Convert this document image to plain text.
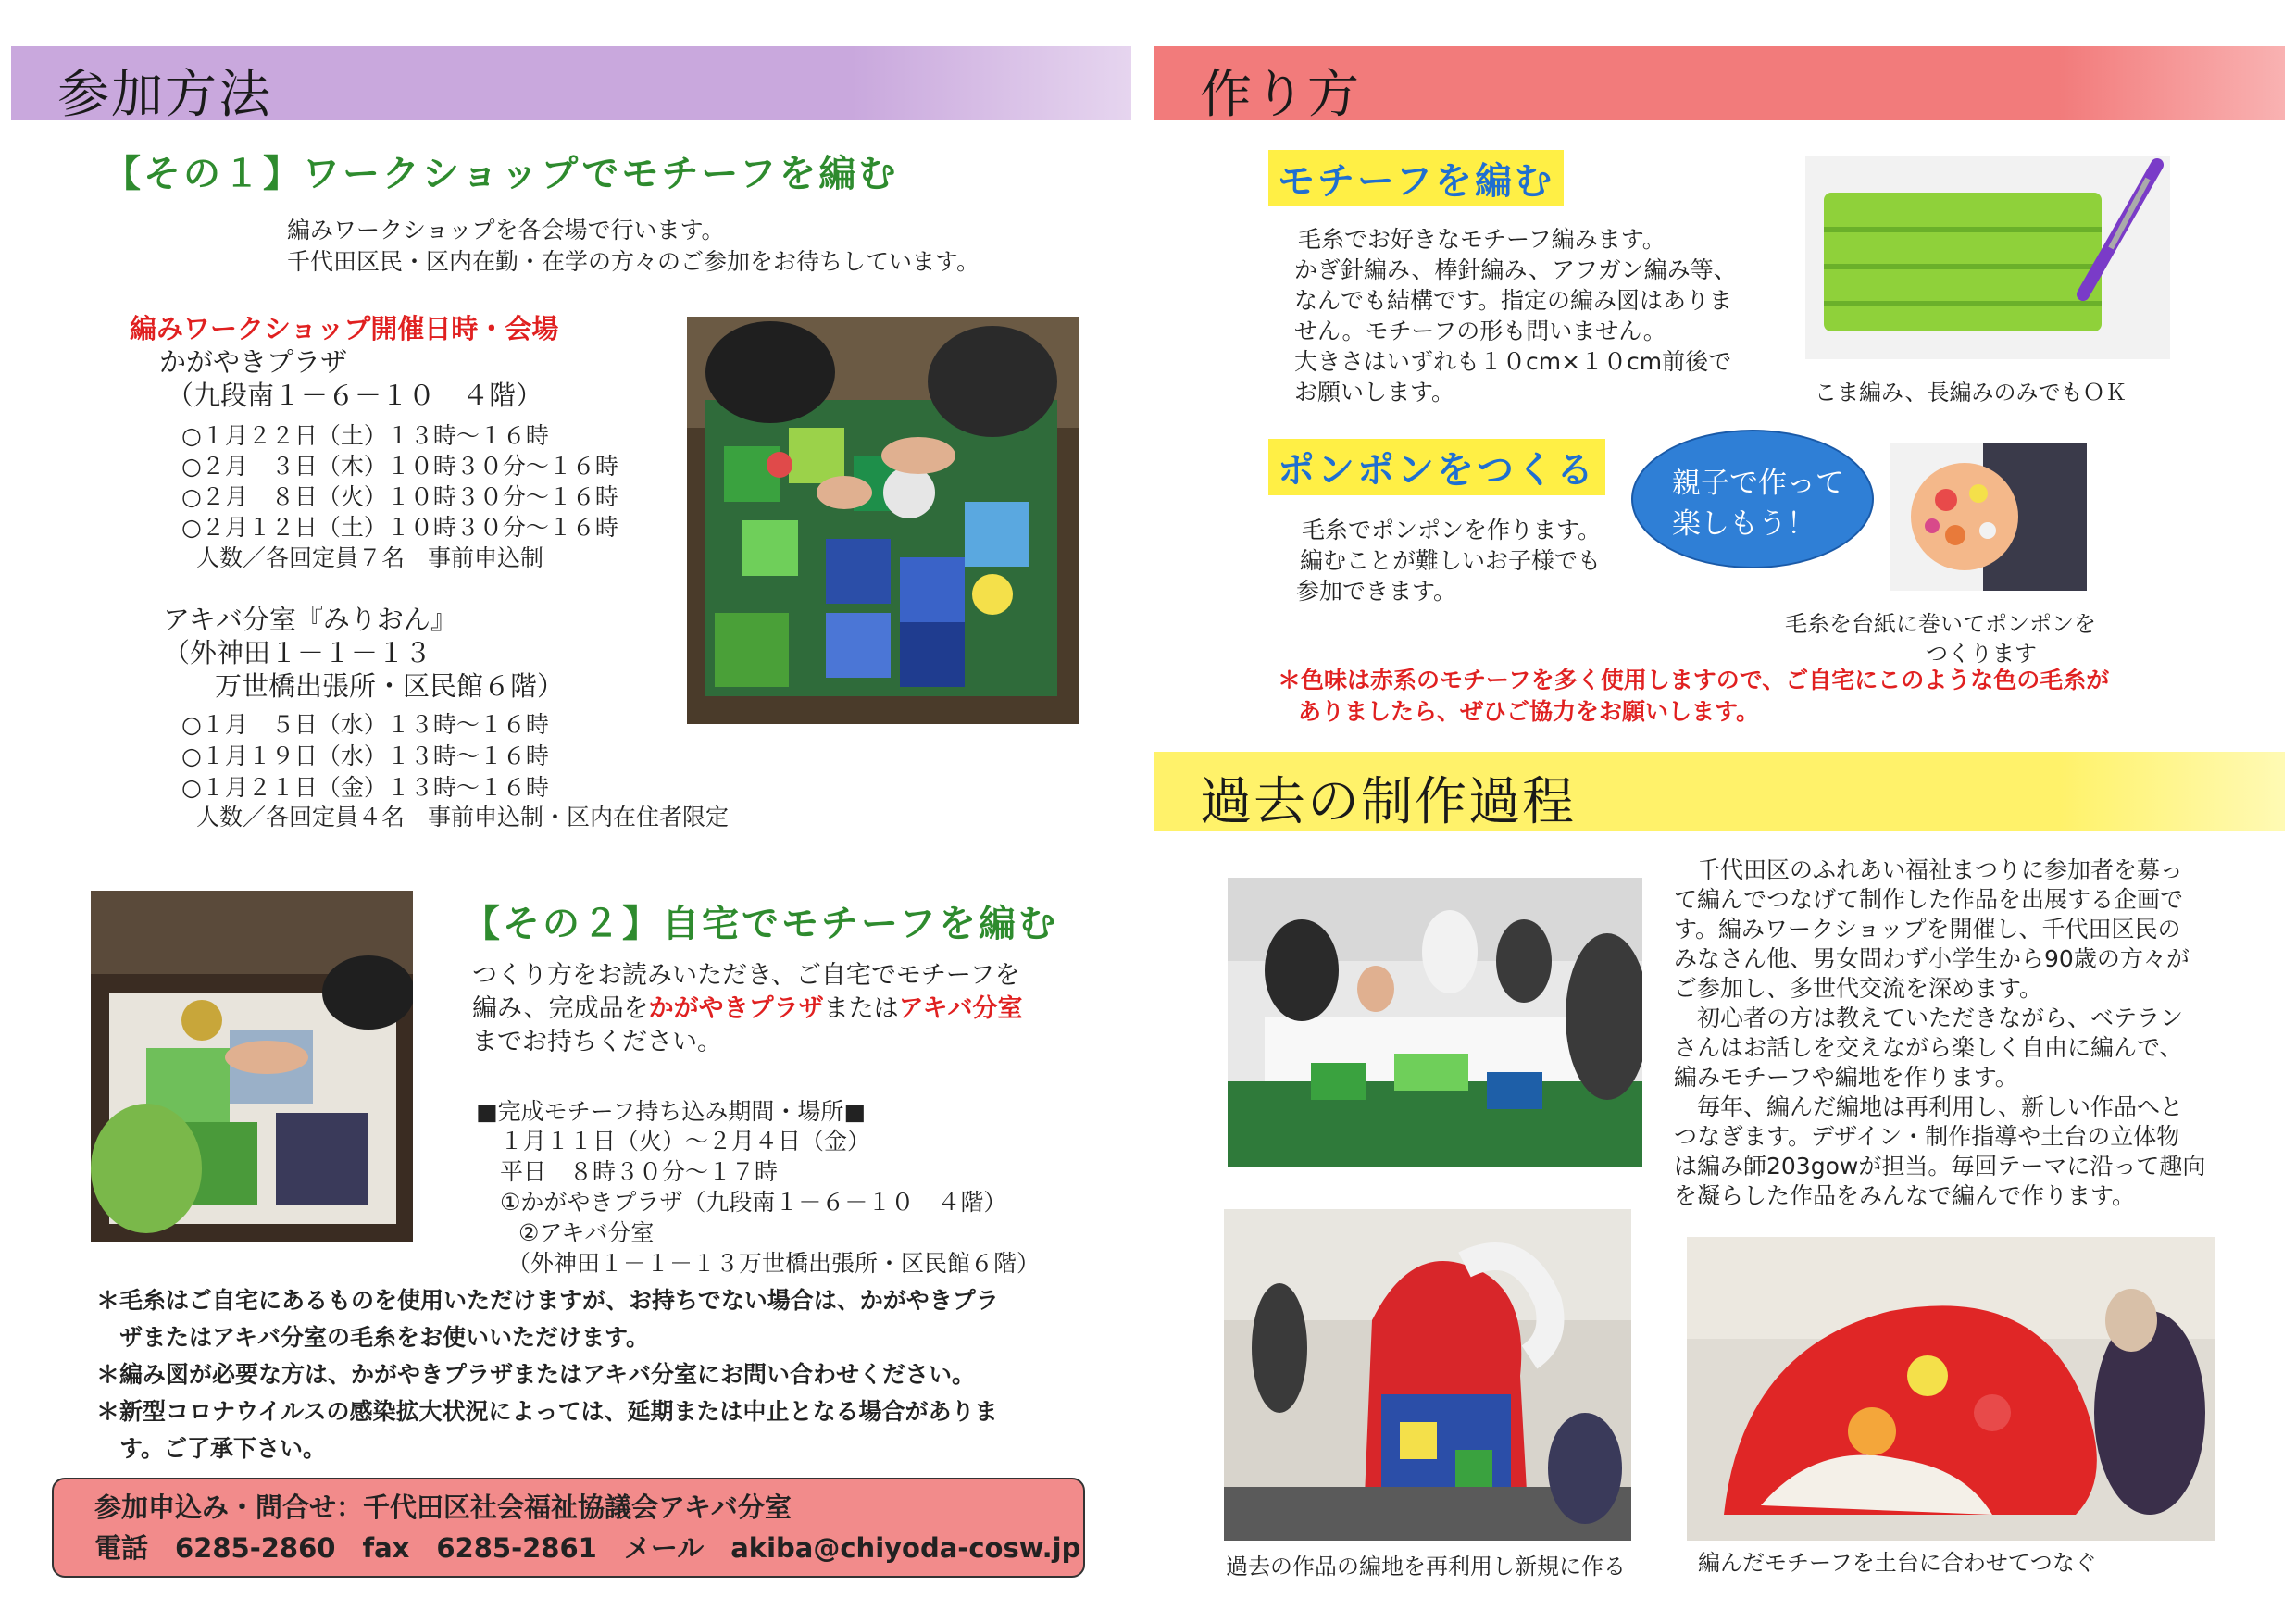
参加方法
【その１】ワークショップでモチーフを編む
編みワークショップを各会場で行います。
千代田区民・区内在勤・在学の方々のご参加をお待ちしています。
編みワークショップ開催日時・会場
かがやきプラザ
（九段南１－６－１０　４階）
○１月２２日（土）１３時～１６時
○２月　３日（木）１０時３０分～１６時
○２月　８日（火）１０時３０分～１６時
○２月１２日（土）１０時３０分～１６時
人数／各回定員７名　事前申込制
アキバ分室『みりおん』
（外神田１－１－１３
万世橋出張所・区民館６階）
○１月　５日（水）１３時～１６時
○１月１９日（水）１３時～１６時
○１月２１日（金）１３時～１６時
人数／各回定員４名　事前申込制・区内在住者限定
【その２】自宅でモチーフを編む
つくり方をお読みいただき、ご自宅でモチーフを
編み、完成品をかがやきプラザまたはアキバ分室
までお持ちください。
■完成モチーフ持ち込み期間・場所■
１月１１日（火）～２月４日（金）
平日　８時３０分～１７時
①かがやきプラザ（九段南１－６－１０　４階）
②アキバ分室
（外神田１－１－１３万世橋出張所・区民館６階）
＊毛糸はご自宅にあるものを使用いただけますが、お持ちでない場合は、かがやきプラ
　ザまたはアキバ分室の毛糸をお使いいただけます。
＊編み図が必要な方は、かがやきプラザまたはアキバ分室にお問い合わせください。
＊新型コロナウイルスの感染拡大状況によっては、延期または中止となる場合がありま
　す。ご了承下さい。
参加申込み・問合せ：千代田区社会福祉協議会アキバ分室
電話　6285-2860　fax　6285-2861　メール　akiba@chiyoda-cosw.jp
作り方
モチーフを編む
毛糸でお好きなモチーフ編みます。
かぎ針編み、棒針編み、アフガン編み等、
なんでも結構です。指定の編み図はありま
せん。モチーフの形も問いません。
大きさはいずれも１０cm×１０cm前後で
お願いします。	こま編み、長編みのみでもＯＫ
ポンポンをつくる
毛糸でポンポンを作ります。
編むことが難しいお子様でも
参加できます。
親子で作って
楽しもう！
毛糸を台紙に巻いてポンポンを
つくります
＊色味は赤系のモチーフを多く使用しますので、ご自宅にこのような色の毛糸が
ありましたら、ぜひご協力をお願いします。
過去の制作過程
　千代田区のふれあい福祉まつりに参加者を募っ
て編んでつなげて制作した作品を出展する企画で
す。編みワークショップを開催し、千代田区民の
みなさん他、男女問わず小学生から90歳の方々が
ご参加し、多世代交流を深めます。
　初心者の方は教えていただきながら、ベテラン
さんはお話しを交えながら楽しく自由に編んで、
編みモチーフや編地を作ります。
　毎年、編んだ編地は再利用し、新しい作品へと
つなぎます。デザイン・制作指導や土台の立体物
は編み師203gowが担当。毎回テーマに沿って趣向
を凝らした作品をみんなで編んで作ります。
過去の作品の編地を再利用し新規に作る	編んだモチーフを土台に合わせてつなぐ
